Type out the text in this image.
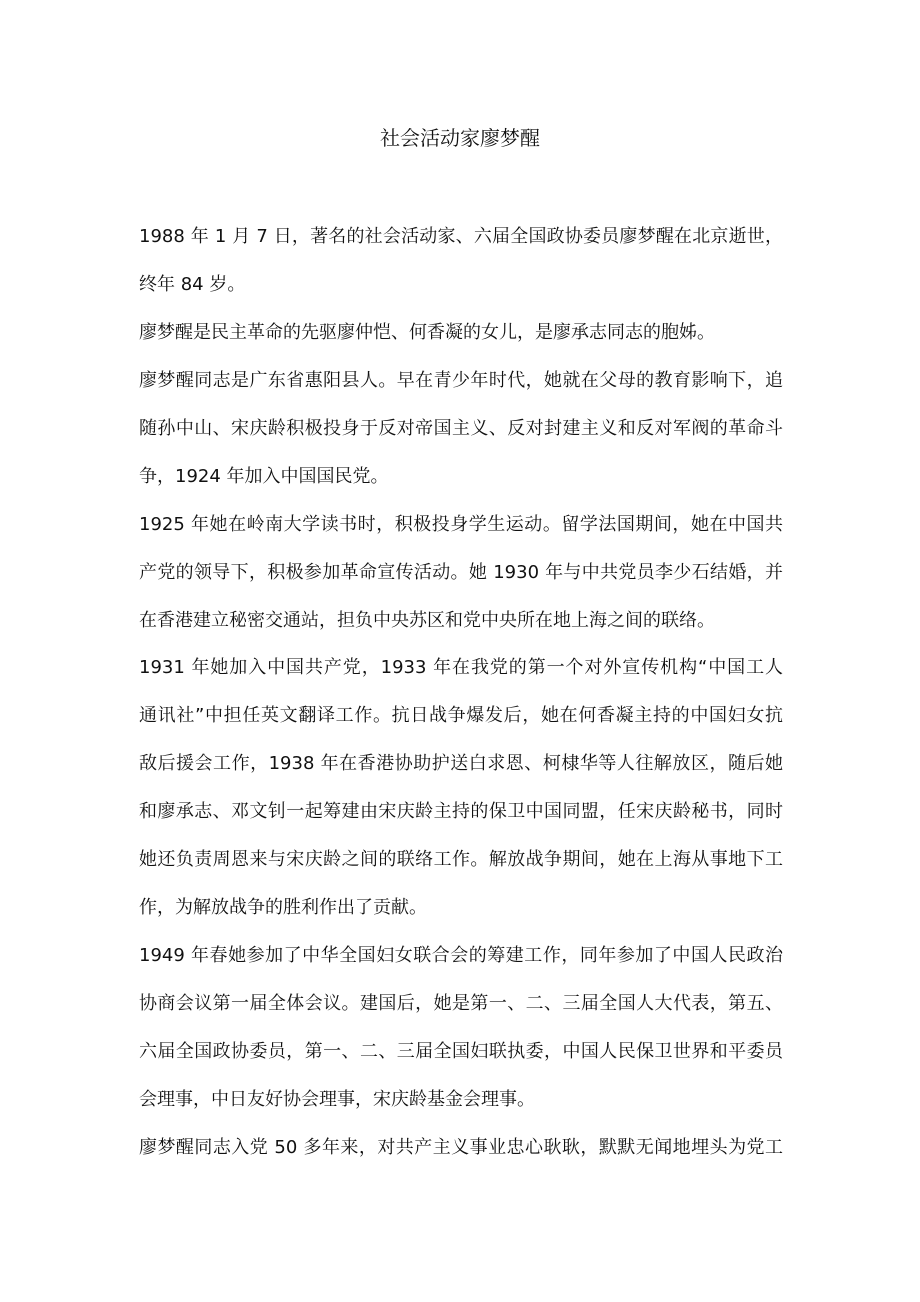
社会活动家廖梦醒
1988 年 1 月 7 日，著名的社会活动家、六届全国政协委员廖梦醒在北京逝世，
终年 84 岁。
廖梦醒是民主革命的先驱廖仲恺、何香凝的女儿，是廖承志同志的胞姊。
廖梦醒同志是广东省惠阳县人。早在青少年时代，她就在父母的教育影响下，追
随孙中山、宋庆龄积极投身于反对帝国主义、反对封建主义和反对军阀的革命斗
争，1924 年加入中国国民党。
1925 年她在岭南大学读书时，积极投身学生运动。留学法国期间，她在中国共
产党的领导下，积极参加革命宣传活动。她 1930 年与中共党员李少石结婚，并
在香港建立秘密交通站，担负中央苏区和党中央所在地上海之间的联络。
1931 年她加入中国共产党，1933 年在我党的第一个对外宣传机构“中国工人
通讯社”中担任英文翻译工作。抗日战争爆发后，她在何香凝主持的中国妇女抗
敌后援会工作，1938 年在香港协助护送白求恩、柯棣华等人往解放区，随后她
和廖承志、邓文钊一起筹建由宋庆龄主持的保卫中国同盟，任宋庆龄秘书，同时
她还负责周恩来与宋庆龄之间的联络工作。解放战争期间，她在上海从事地下工
作，为解放战争的胜利作出了贡献。
1949 年春她参加了中华全国妇女联合会的筹建工作，同年参加了中国人民政治
协商会议第一届全体会议。建国后，她是第一、二、三届全国人大代表，第五、
六届全国政协委员，第一、二、三届全国妇联执委，中国人民保卫世界和平委员
会理事，中日友好协会理事，宋庆龄基金会理事。
廖梦醒同志入党 50 多年来，对共产主义事业忠心耿耿，默默无闻地埋头为党工
